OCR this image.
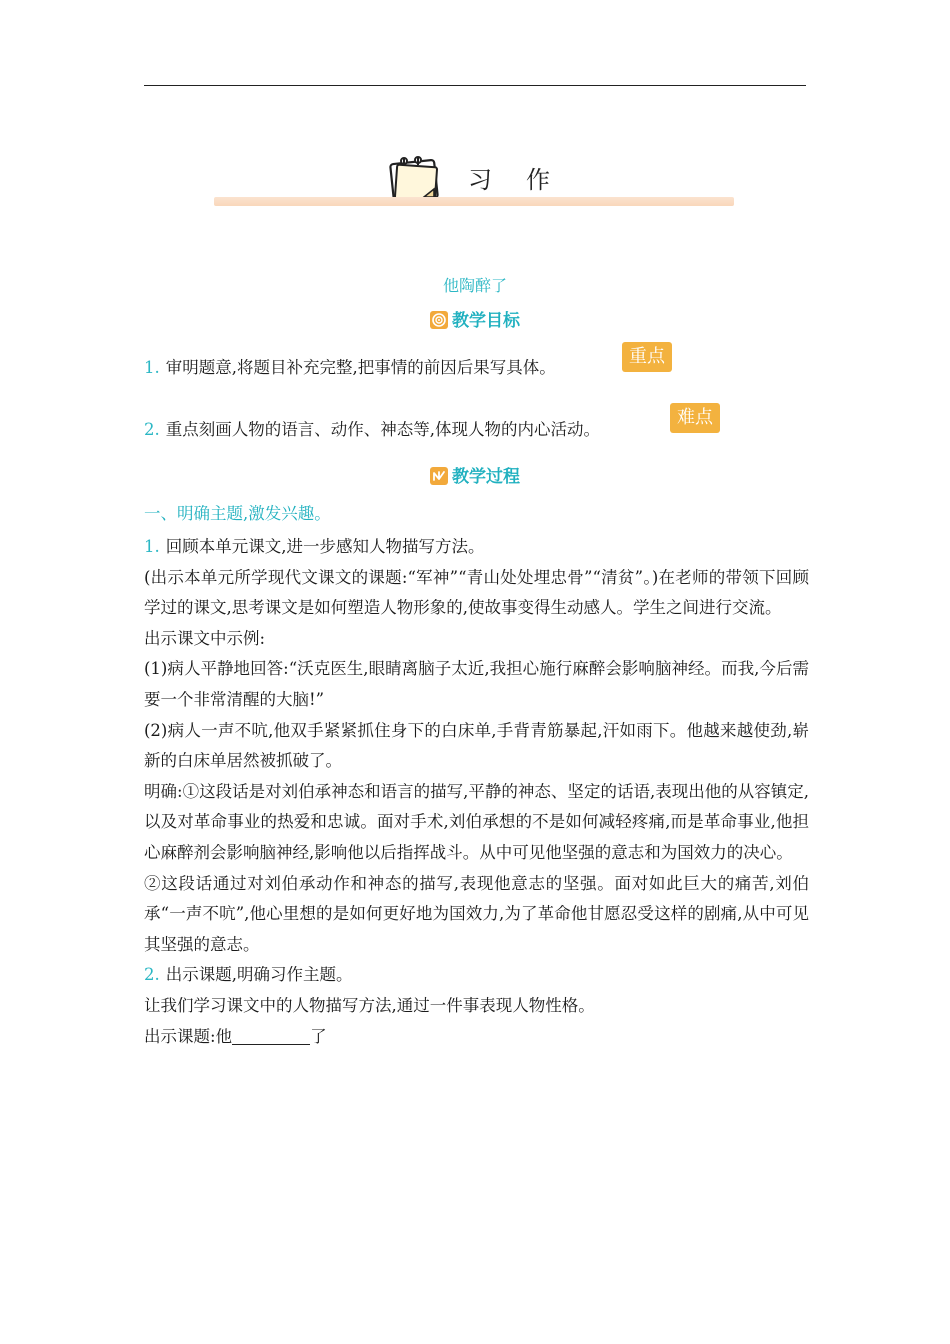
习作
他陶醉了
教学目标
1. 审明题意,将题目补充完整,把事情的前因后果写具体。
重点
2. 重点刻画人物的语言、动作、神态等,体现人物的内心活动。
难点
教学过程
一、明确主题,激发兴趣。

1. 回顾本单元课文,进一步感知人物描写方法。

(出示本单元所学现代文课文的课题:“军神”“青山处处埋忠骨”“清贫”。)在老师的带领下回顾学过的课文,思考课文是如何塑造人物形象的,使故事变得生动感人。学生之间进行交流。

出示课文中示例:

(1)病人平静地回答:“沃克医生,眼睛离脑子太近,我担心施行麻醉会影响脑神经。而我,今后需要一个非常清醒的大脑!”

(2)病人一声不吭,他双手紧紧抓住身下的白床单,手背青筋暴起,汗如雨下。他越来越使劲,崭新的白床单居然被抓破了。

明确:①这段话是对刘伯承神态和语言的描写,平静的神态、坚定的话语,表现出他的从容镇定,以及对革命事业的热爱和忠诚。面对手术,刘伯承想的不是如何减轻疼痛,而是革命事业,他担心麻醉剂会影响脑神经,影响他以后指挥战斗。从中可见他坚强的意志和为国效力的决心。

②这段话通过对刘伯承动作和神态的描写,表现他意志的坚强。面对如此巨大的痛苦,刘伯承“一声不吭”,他心里想的是如何更好地为国效力,为了革命他甘愿忍受这样的剧痛,从中可见其坚强的意志。

2. 出示课题,明确习作主题。

让我们学习课文中的人物描写方法,通过一件事表现人物性格。

出示课题:他	了
